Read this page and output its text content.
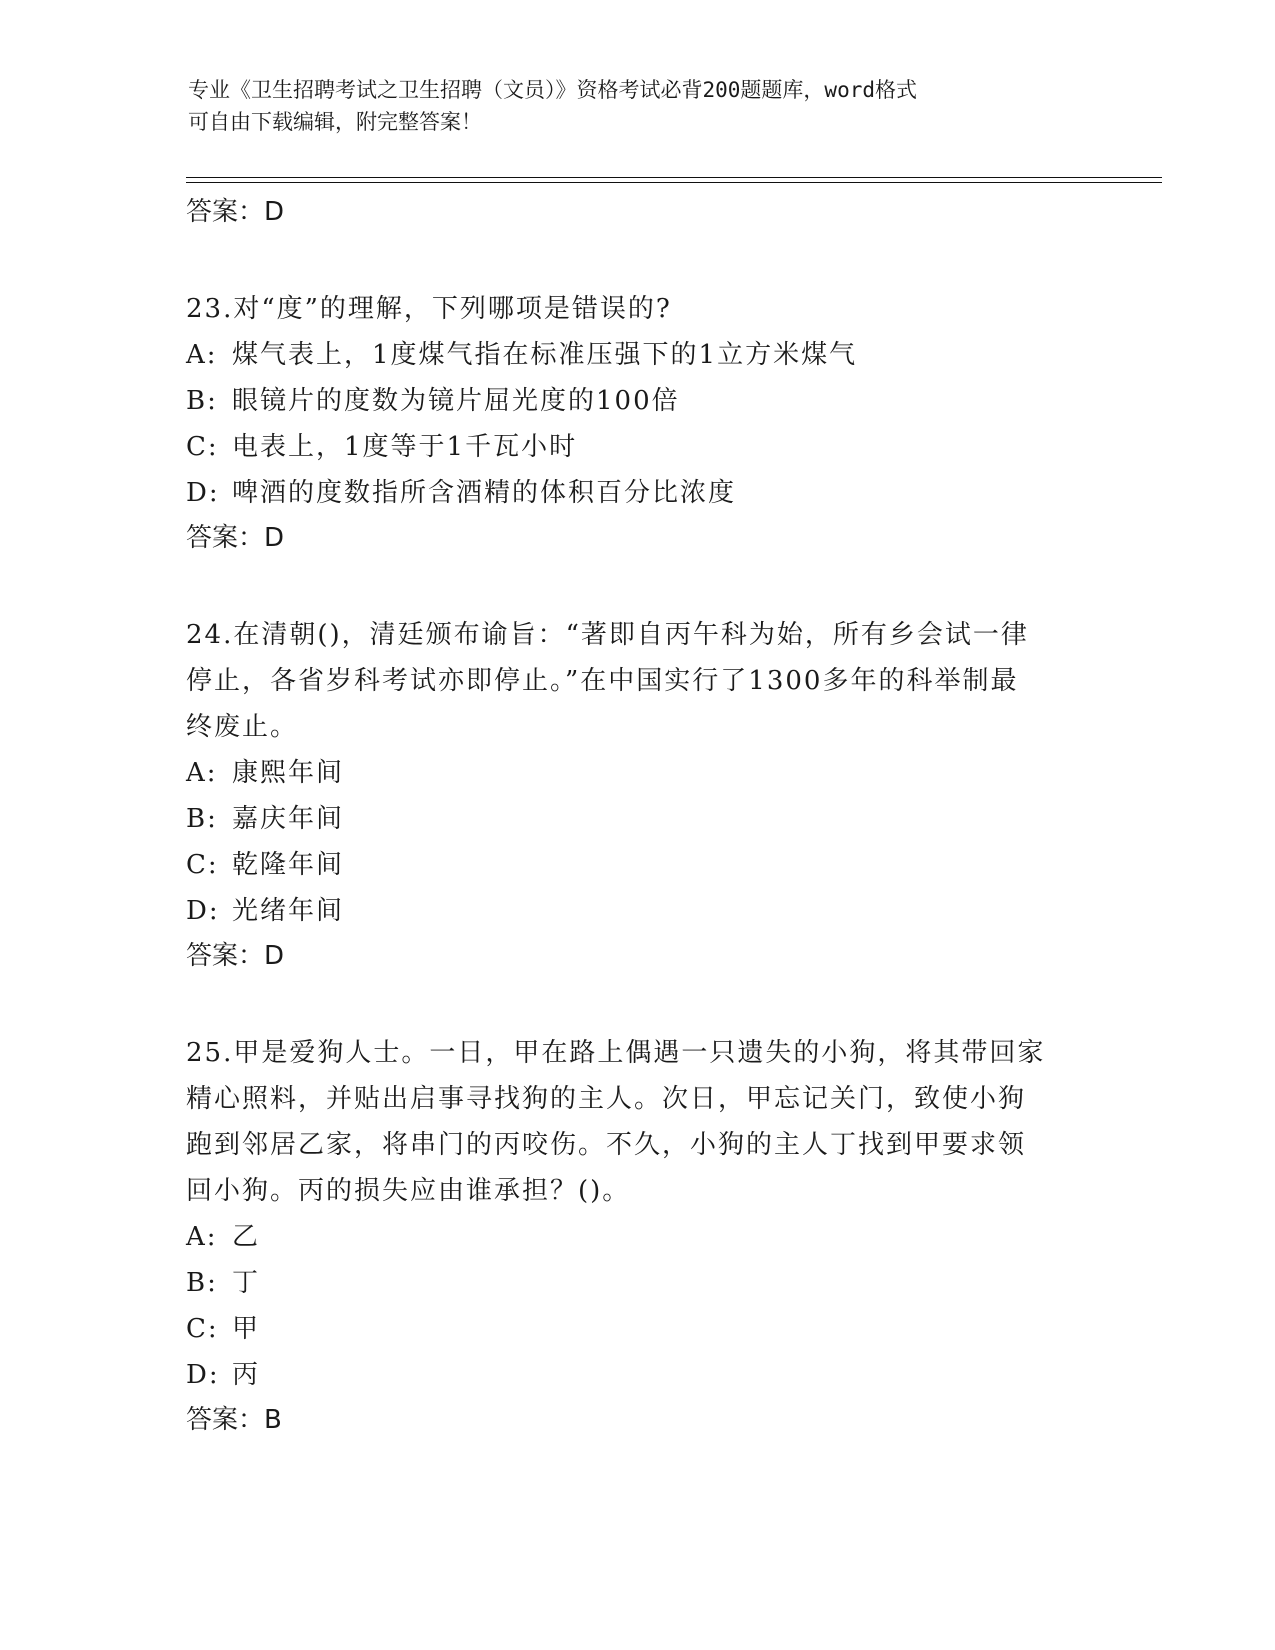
专业《卫生招聘考试之卫生招聘（文员）》资格考试必背200题题库，word格式
可自由下载编辑，附完整答案！
答案：D
23.对“度”的理解，下列哪项是错误的?
A: 煤气表上，1度煤气指在标准压强下的1立方米煤气
B: 眼镜片的度数为镜片屈光度的100倍
C: 电表上，1度等于1千瓦小时
D: 啤酒的度数指所含酒精的体积百分比浓度
答案：D
24.在清朝()，清廷颁布谕旨：“著即自丙午科为始，所有乡会试一律
停止，各省岁科考试亦即停止。”在中国实行了1300多年的科举制最
终废止。
A: 康熙年间
B: 嘉庆年间
C: 乾隆年间
D: 光绪年间
答案：D
25.甲是爱狗人士。一日，甲在路上偶遇一只遗失的小狗，将其带回家
精心照料，并贴出启事寻找狗的主人。次日，甲忘记关门，致使小狗
跑到邻居乙家，将串门的丙咬伤。不久，小狗的主人丁找到甲要求领
回小狗。丙的损失应由谁承担？()。
A: 乙
B: 丁
C: 甲
D: 丙
答案：B
